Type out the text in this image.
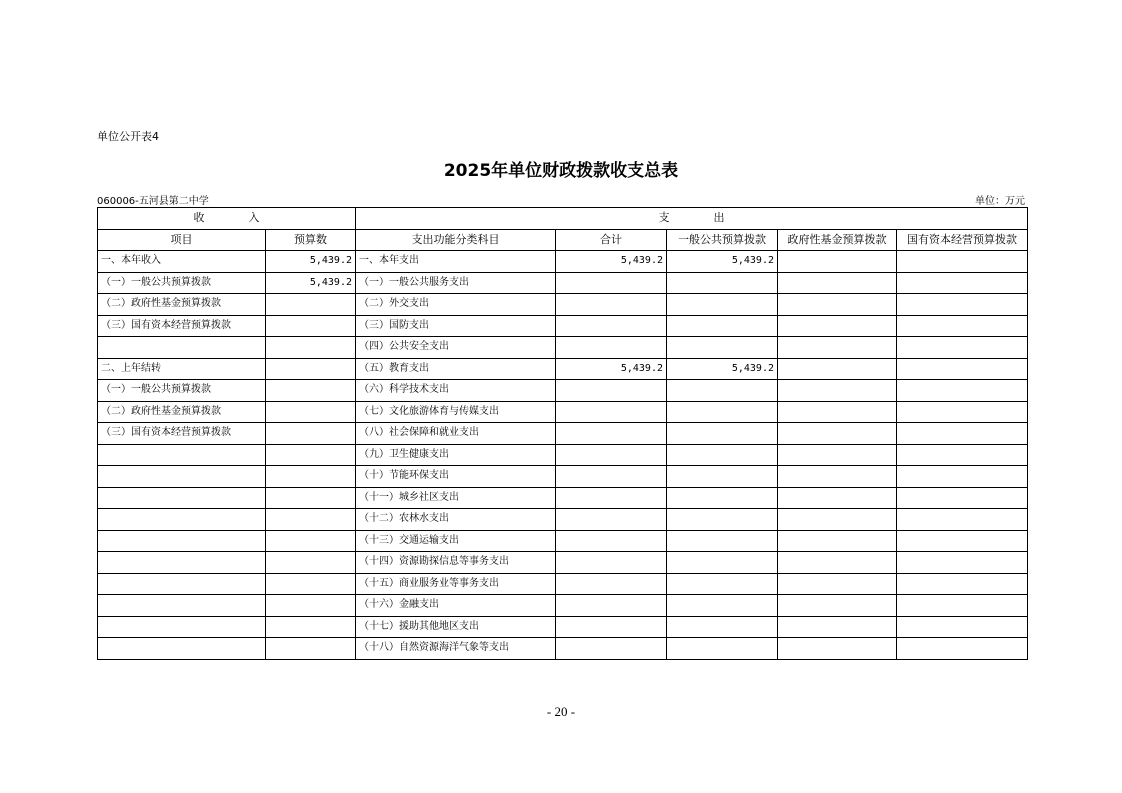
单位公开表4
2025年单位财政拨款收支总表
060006-五河县第二中学	单位：万元
收　　　　入		支　　　　出				
项目	预算数	支出功能分类科目	合计	一般公共预算拨款	政府性基金预算拨款	国有资本经营预算拨款
一、本年收入	5,439.2	一、本年支出	5,439.2	5,439.2		
（一）一般公共预算拨款	5,439.2	（一）一般公共服务支出				
（二）政府性基金预算拨款		（二）外交支出				
（三）国有资本经营预算拨款		（三）国防支出				
		（四）公共安全支出				
二、上年结转		（五）教育支出	5,439.2	5,439.2		
（一）一般公共预算拨款		（六）科学技术支出				
（二）政府性基金预算拨款		（七）文化旅游体育与传媒支出				
（三）国有资本经营预算拨款		（八）社会保障和就业支出				
		（九）卫生健康支出				
		（十）节能环保支出				
		（十一）城乡社区支出				
		（十二）农林水支出				
		（十三）交通运输支出				
		（十四）资源勘探信息等事务支出				
		（十五）商业服务业等事务支出				
		（十六）金融支出				
		（十七）援助其他地区支出				
		（十八）自然资源海洋气象等支出				
- 20 -
